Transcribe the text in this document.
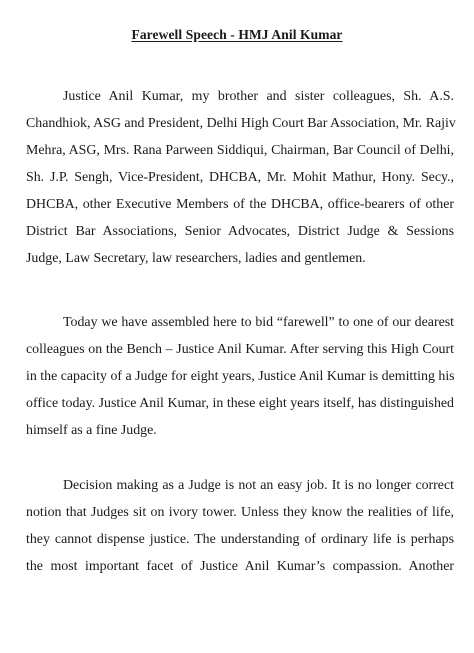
Farewell Speech - HMJ Anil Kumar
Justice Anil Kumar, my brother and sister colleagues, Sh. A.S.
Chandhiok, ASG and President, Delhi High Court Bar Association, Mr. Rajiv
Mehra, ASG, Mrs. Rana Parween Siddiqui, Chairman, Bar Council of Delhi,
Sh. J.P. Sengh, Vice-President, DHCBA, Mr. Mohit Mathur, Hony. Secy.,
DHCBA, other Executive Members of the DHCBA, office-bearers of other
District Bar Associations, Senior Advocates, District Judge & Sessions
Judge, Law Secretary, law researchers, ladies and gentlemen.
Today we have assembled here to bid “farewell” to one of our dearest
colleagues on the Bench – Justice Anil Kumar. After serving this High Court
in the capacity of a Judge for eight years, Justice Anil Kumar is demitting his
office today. Justice Anil Kumar, in these eight years itself, has distinguished
himself as a fine Judge.
Decision making as a Judge is not an easy job. It is no longer correct
notion that Judges sit on ivory tower. Unless they know the realities of life,
they cannot dispense justice. The understanding of ordinary life is perhaps
the most important facet of Justice Anil Kumar’s compassion. Another
